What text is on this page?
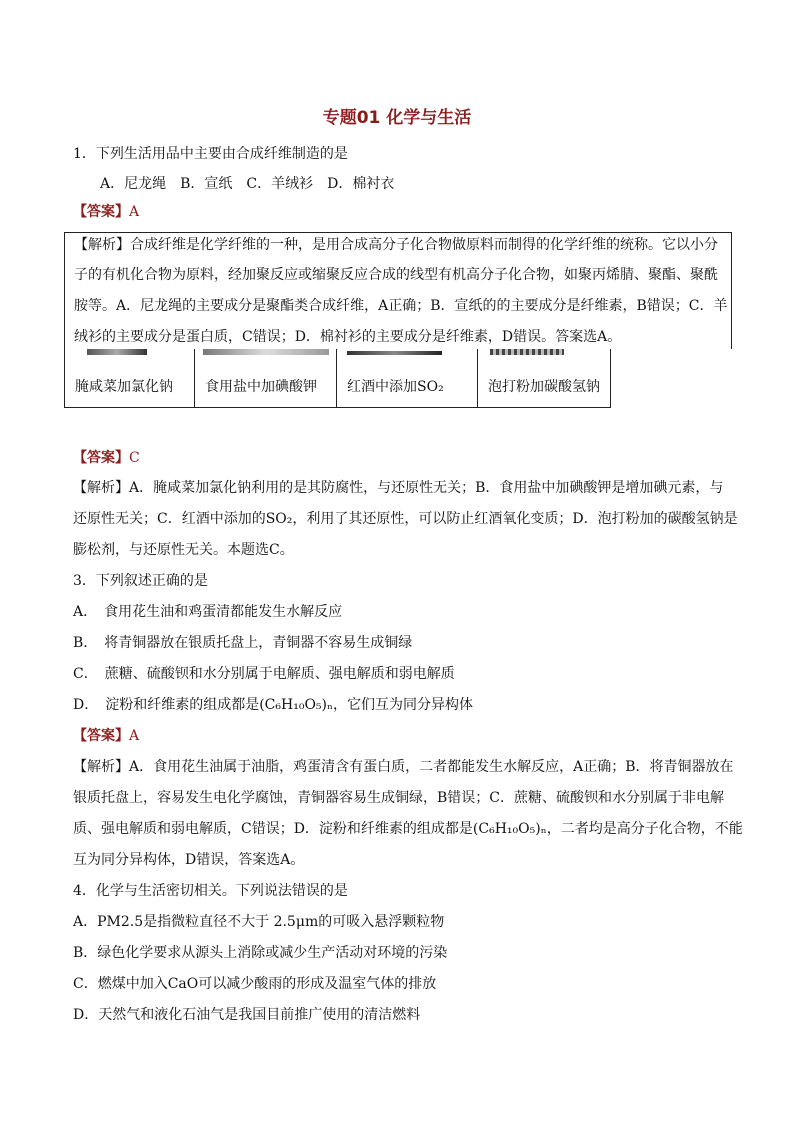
专题01 化学与生活
1．下列生活用品中主要由合成纤维制造的是
A．尼龙绳　B．宣纸　C．羊绒衫　D．棉衬衣
【答案】A
腌咸菜加氯化钠 食用盐中加碘酸钾 红酒中添加SO₂	泡打粉加碳酸氢钠
【解析】合成纤维是化学纤维的一种，是用合成高分子化合物做原料而制得的化学纤维的统称。它以小分
子的有机化合物为原料，经加聚反应或缩聚反应合成的线型有机高分子化合物，如聚丙烯腈、聚酯、聚酰
胺等。A．尼龙绳的主要成分是聚酯类合成纤维，A正确；B．宣纸的的主要成分是纤维素，B错误；C．羊
绒衫的主要成分是蛋白质，C错误；D．棉衬衫的主要成分是纤维素，D错误。答案选A。
【答案】C
【解析】A．腌咸菜加氯化钠利用的是其防腐性，与还原性无关；B．食用盐中加碘酸钾是增加碘元素，与
还原性无关；C．红酒中添加的SO₂，利用了其还原性，可以防止红酒氧化变质；D．泡打粉加的碳酸氢钠是
膨松剂，与还原性无关。本题选C。
3．下列叙述正确的是
A．　食用花生油和鸡蛋清都能发生水解反应
B．　将青铜器放在银质托盘上，青铜器不容易生成铜绿
C．　蔗糖、硫酸钡和水分别属于电解质、强电解质和弱电解质
D．　淀粉和纤维素的组成都是(C₆H₁₀O₅)ₙ，它们互为同分异构体
【答案】A
【解析】A．食用花生油属于油脂，鸡蛋清含有蛋白质，二者都能发生水解反应，A正确；B．将青铜器放在
银质托盘上，容易发生电化学腐蚀，青铜器容易生成铜绿，B错误；C．蔗糖、硫酸钡和水分别属于非电解
质、强电解质和弱电解质，C错误；D．淀粉和纤维素的组成都是(C₆H₁₀O₅)ₙ，二者均是高分子化合物，不能
互为同分异构体，D错误，答案选A。
4．化学与生活密切相关。下列说法错误的是
A．PM2.5是指微粒直径不大于 2.5μm的可吸入悬浮颗粒物
B．绿色化学要求从源头上消除或减少生产活动对环境的污染
C．燃煤中加入CaO可以减少酸雨的形成及温室气体的排放
D．天然气和液化石油气是我国目前推广使用的清洁燃料
